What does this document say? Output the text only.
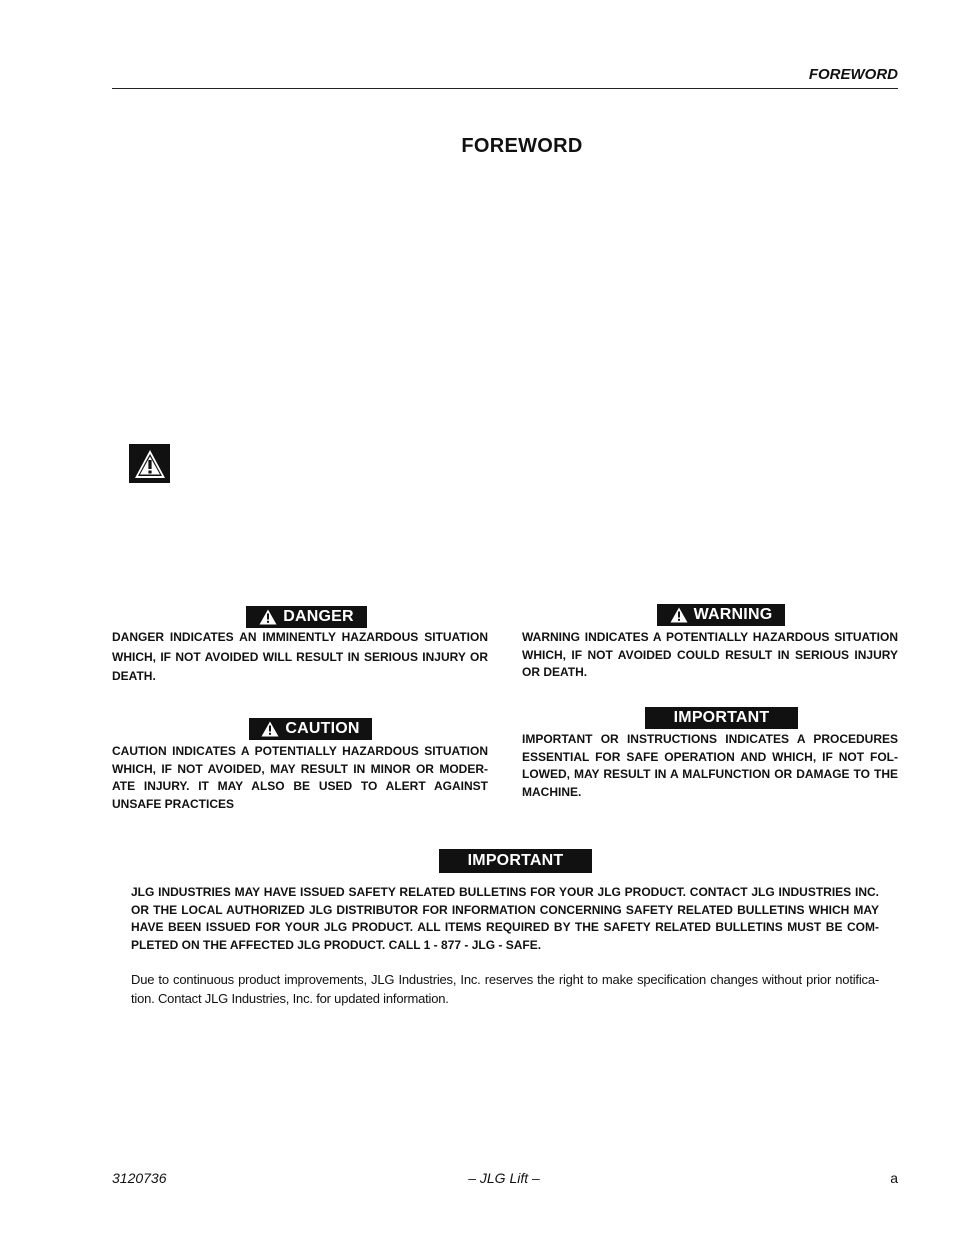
FOREWORD
FOREWORD
DANGER
DANGER INDICATES AN IMMINENTLY HAZARDOUS SITUATION WHICH, IF NOT AVOIDED WILL RESULT IN SERIOUS INJURY OR DEATH.
WARNING
WARNING INDICATES A POTENTIALLY HAZARDOUS SITUATION WHICH, IF NOT AVOIDED COULD RESULT IN SERIOUS INJURY OR DEATH.
CAUTION
CAUTION INDICATES A POTENTIALLY HAZARDOUS SITUATION WHICH, IF NOT AVOIDED, MAY RESULT IN MINOR OR MODER-ATE INJURY. IT MAY ALSO BE USED TO ALERT AGAINST UNSAFE PRACTICES
IMPORTANT
IMPORTANT OR INSTRUCTIONS INDICATES A PROCEDURES ESSENTIAL FOR SAFE OPERATION AND WHICH, IF NOT FOL-LOWED, MAY RESULT IN A MALFUNCTION OR DAMAGE TO THE MACHINE.
IMPORTANT
JLG INDUSTRIES MAY HAVE ISSUED SAFETY RELATED BULLETINS FOR YOUR JLG PRODUCT. CONTACT JLG INDUSTRIES INC. OR THE LOCAL AUTHORIZED JLG DISTRIBUTOR FOR INFORMATION CONCERNING SAFETY RELATED BULLETINS WHICH MAY HAVE BEEN ISSUED FOR YOUR JLG PRODUCT. ALL ITEMS REQUIRED BY THE SAFETY RELATED BULLETINS MUST BE COM-PLETED ON THE AFFECTED JLG PRODUCT. CALL 1 - 877 - JLG - SAFE.
Due to continuous product improvements, JLG Industries, Inc. reserves the right to make specification changes without prior notifica-tion. Contact JLG Industries, Inc. for updated information.
3120736	– JLG Lift –	a
